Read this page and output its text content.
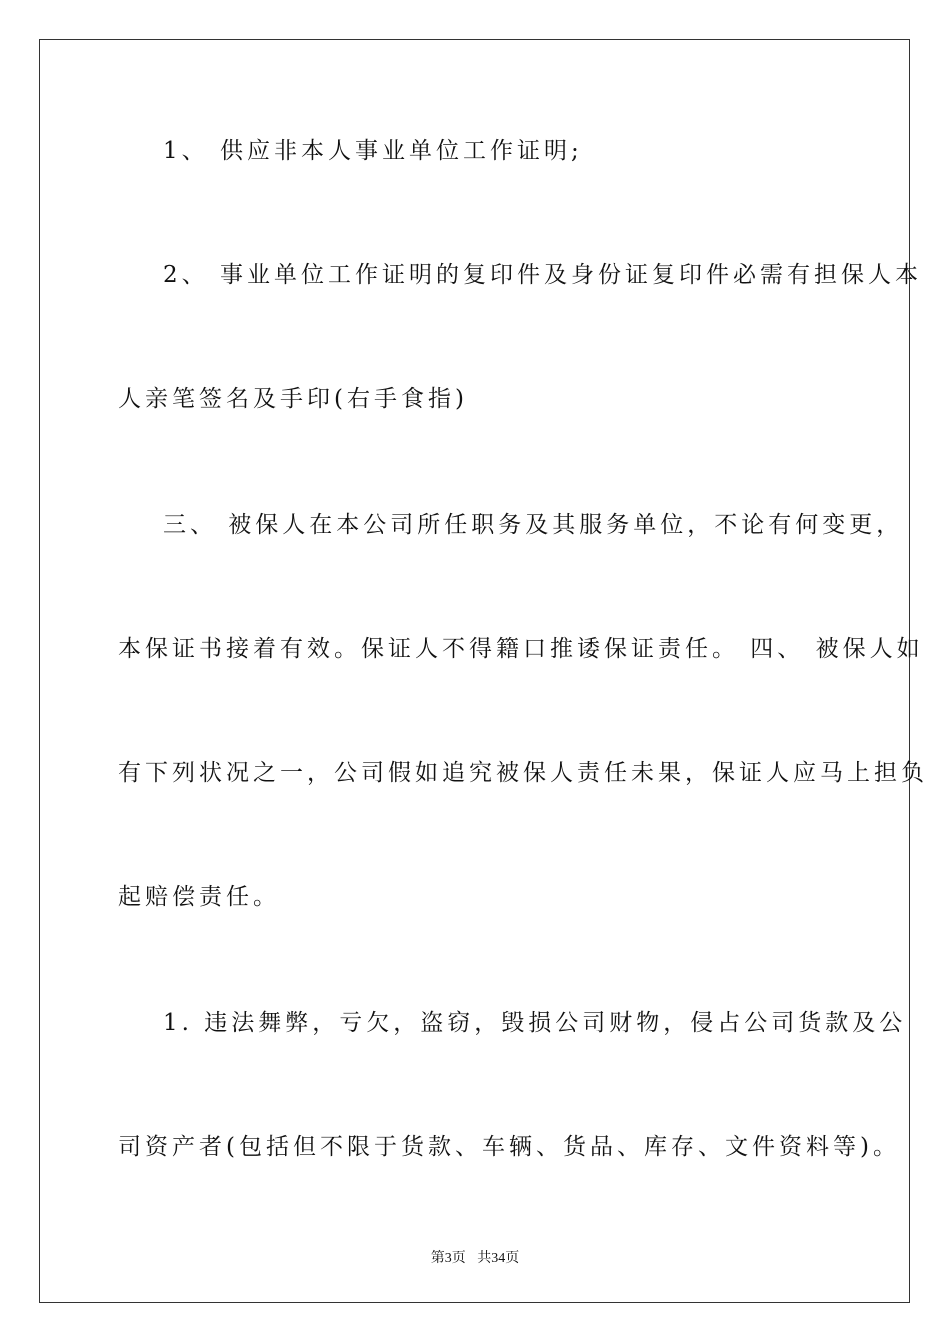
1、 供应非本人事业单位工作证明;
2、 事业单位工作证明的复印件及身份证复印件必需有担保人本
人亲笔签名及手印(右手食指)
三、 被保人在本公司所任职务及其服务单位，不论有何变更，
本保证书接着有效。保证人不得籍口推诿保证责任。 四、 被保人如
有下列状况之一，公司假如追究被保人责任未果，保证人应马上担负
起赔偿责任。
1. 违法舞弊，亏欠，盗窃，毁损公司财物，侵占公司货款及公
司资产者(包括但不限于货款、车辆、货品、库存、文件资料等)。
第3页 共34页
